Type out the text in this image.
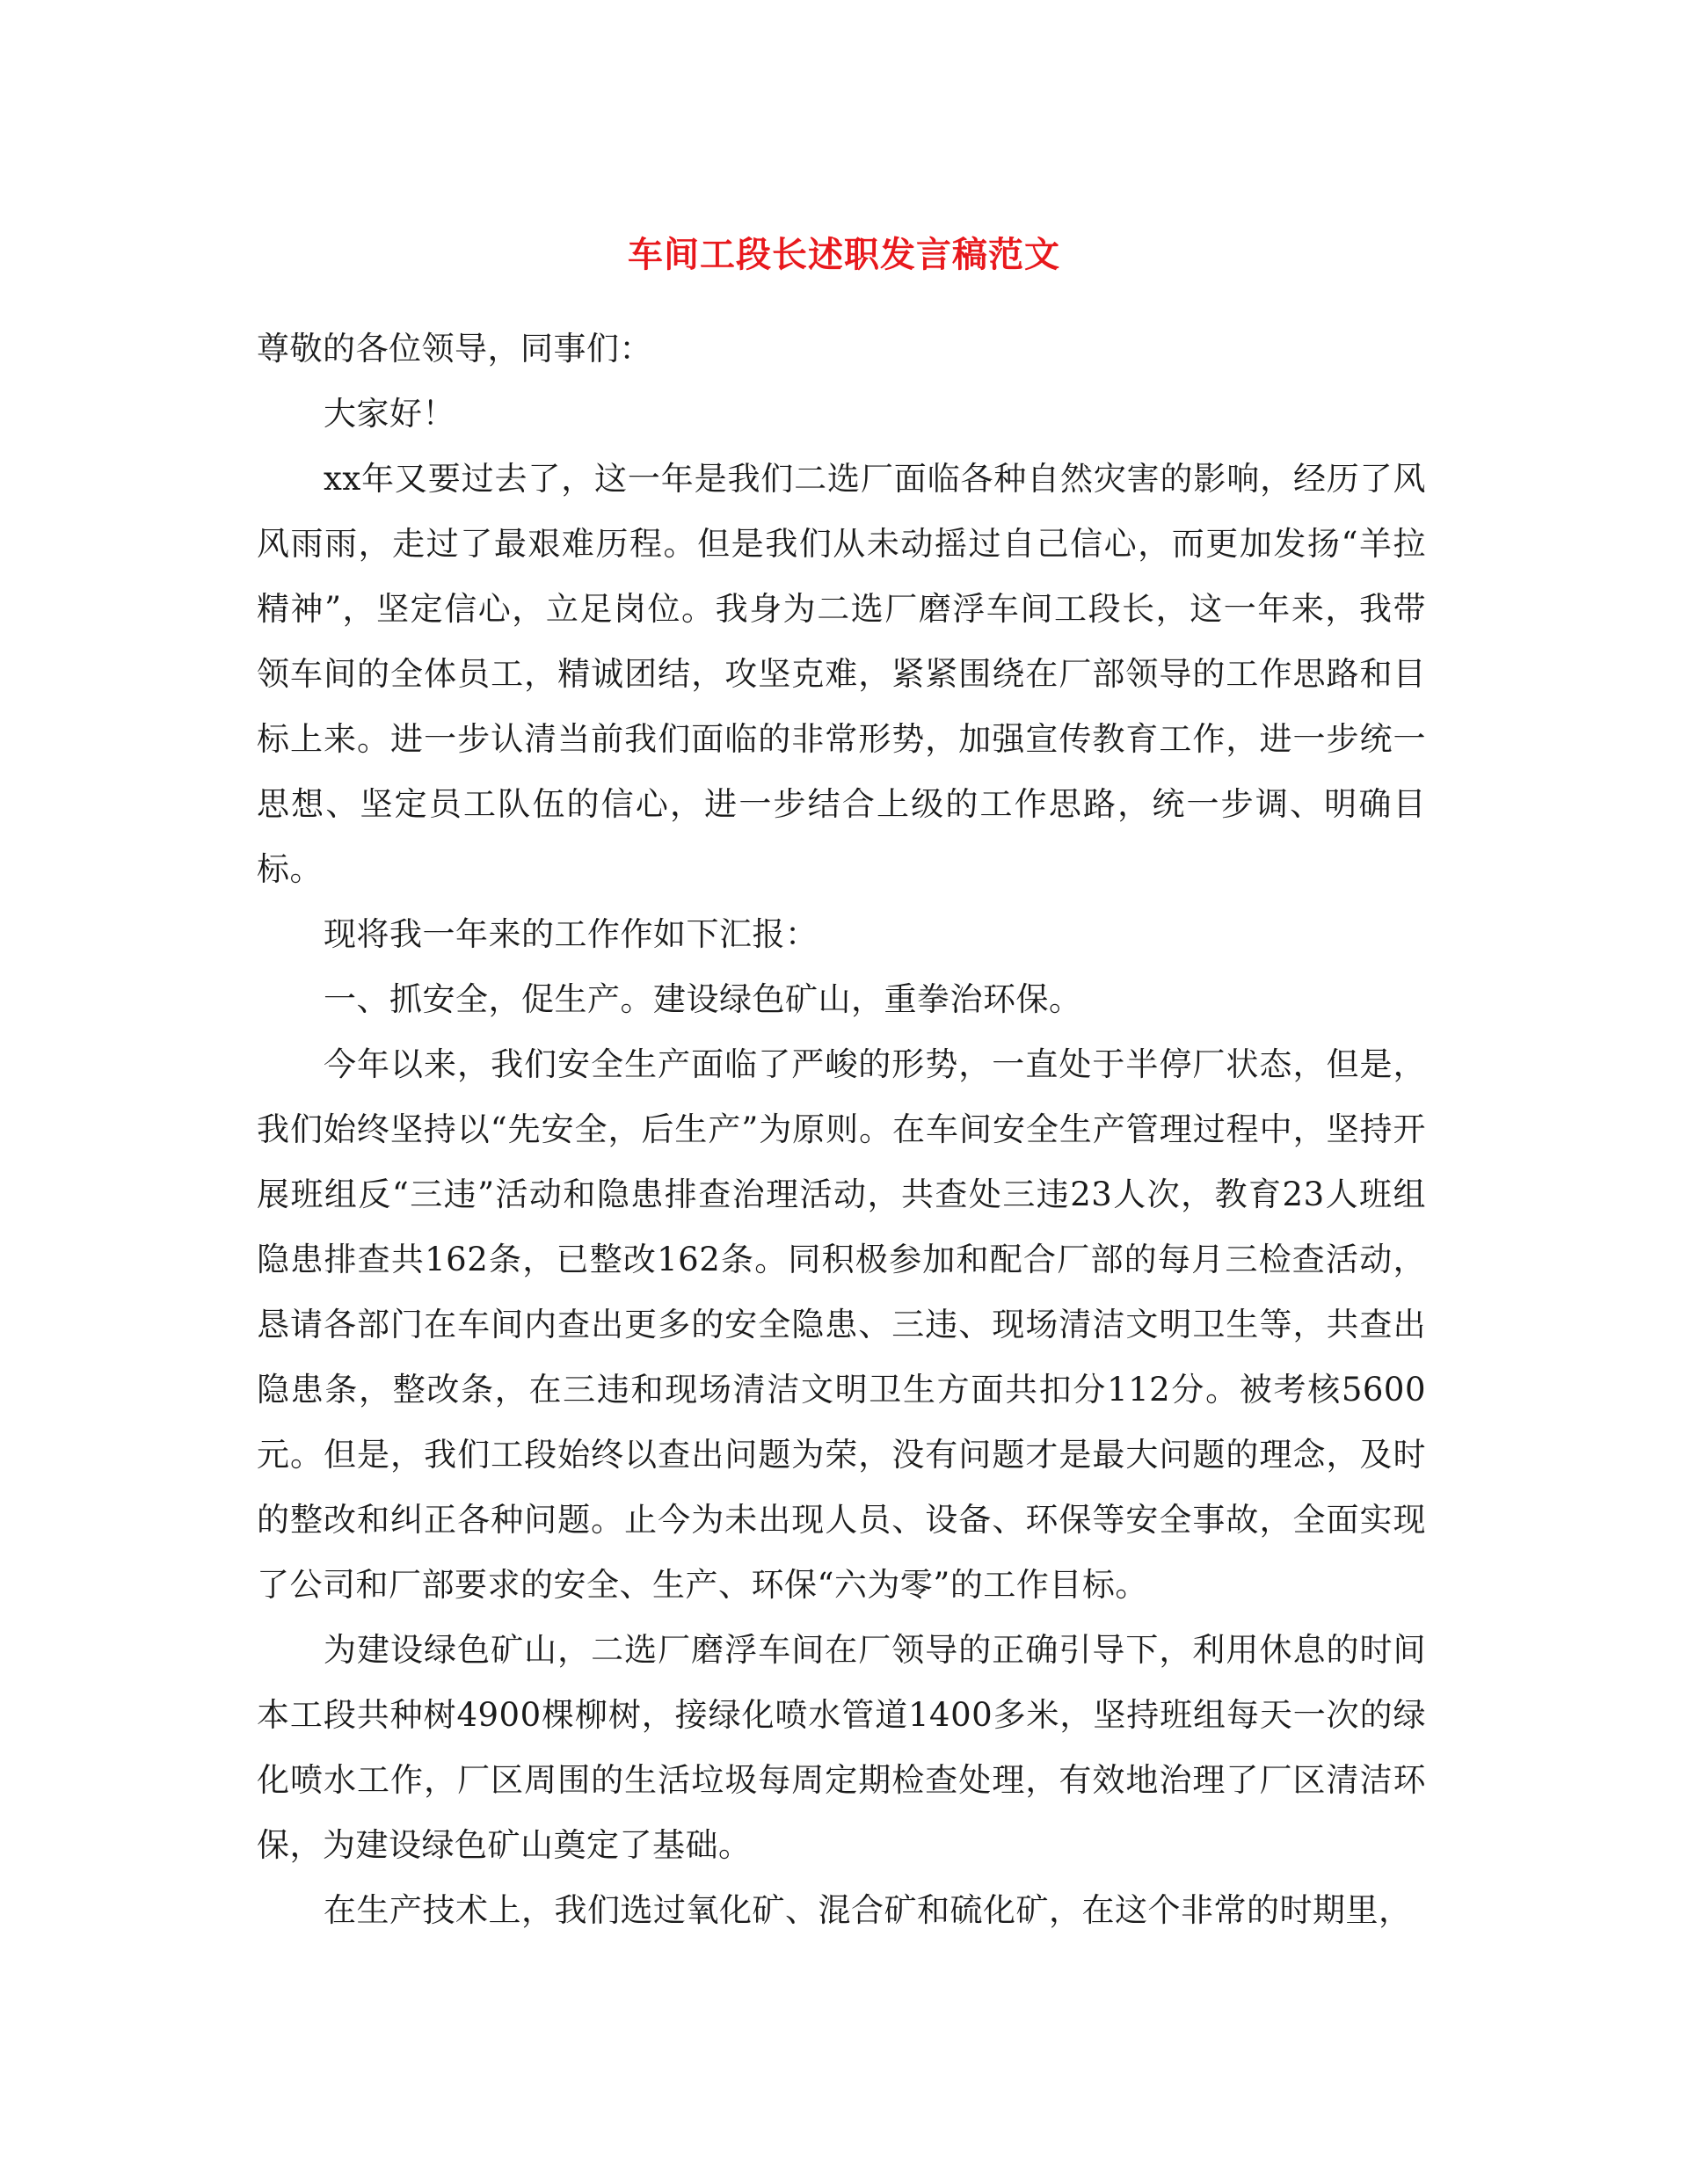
车间工段长述职发言稿范文

尊敬的各位领导，同事们：

大家好！

xx年又要过去了，这一年是我们二选厂面临各种自然灾害的影响，经历了风风雨雨，走过了最艰难历程。但是我们从未动摇过自己信心，而更加发扬“羊拉精神”，坚定信心，立足岗位。我身为二选厂磨浮车间工段长，这一年来，我带领车间的全体员工，精诚团结，攻坚克难，紧紧围绕在厂部领导的工作思路和目标上来。进一步认清当前我们面临的非常形势，加强宣传教育工作，进一步统一思想、坚定员工队伍的信心，进一步结合上级的工作思路，统一步调、明确目标。

现将我一年来的工作作如下汇报：

一、抓安全，促生产。建设绿色矿山，重拳治环保。

今年以来，我们安全生产面临了严峻的形势，一直处于半停厂状态，但是，我们始终坚持以“先安全，后生产”为原则。在车间安全生产管理过程中，坚持开展班组反“三违”活动和隐患排查治理活动，共查处三违23人次，教育23人班组隐患排查共162条，已整改162条。同积极参加和配合厂部的每月三检查活动，恳请各部门在车间内查出更多的安全隐患、三违、现场清洁文明卫生等，共查出隐患条，整改条，在三违和现场清洁文明卫生方面共扣分112分。被考核5600元。但是，我们工段始终以查出问题为荣，没有问题才是最大问题的理念，及时的整改和纠正各种问题。止今为未出现人员、设备、环保等安全事故，全面实现了公司和厂部要求的安全、生产、环保“六为零”的工作目标。

为建设绿色矿山，二选厂磨浮车间在厂领导的正确引导下，利用休息的时间本工段共种树4900棵柳树，接绿化喷水管道1400多米，坚持班组每天一次的绿化喷水工作，厂区周围的生活垃圾每周定期检查处理，有效地治理了厂区清洁环保，为建设绿色矿山奠定了基础。

在生产技术上，我们选过氧化矿、混合矿和硫化矿，在这个非常的时期里，
